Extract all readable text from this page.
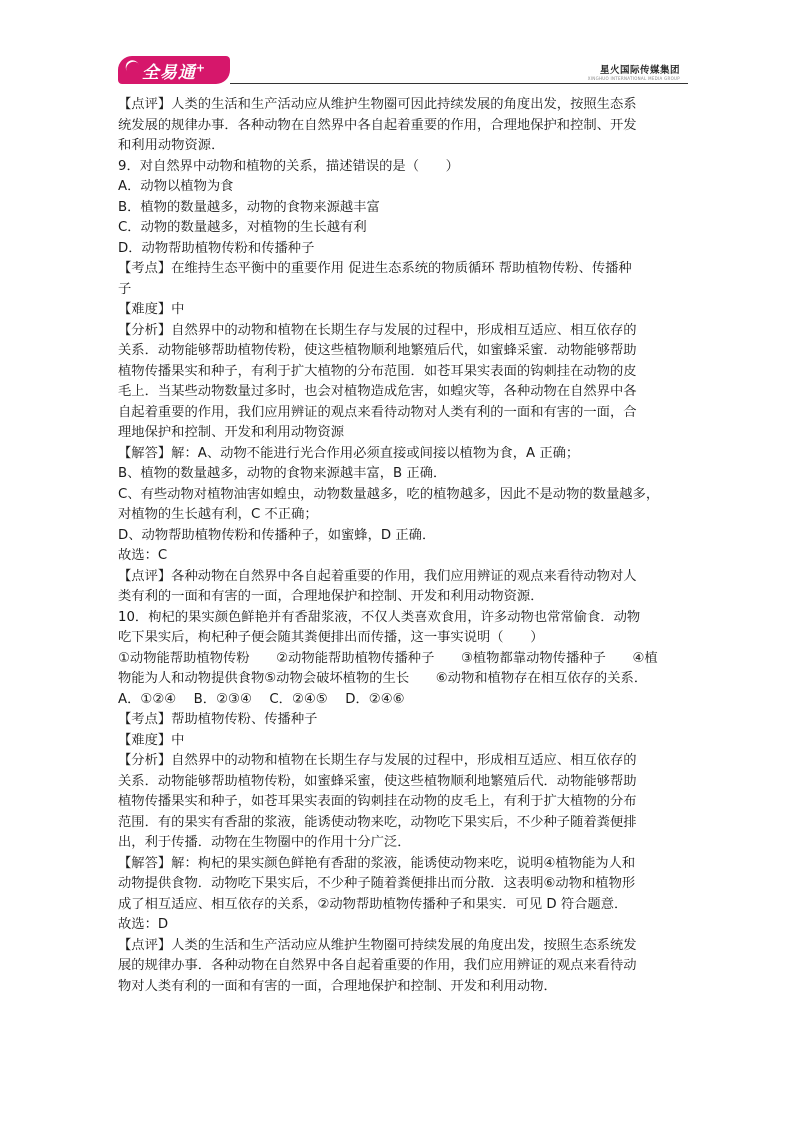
全易通+	星火国际传媒集团
XINGHUO INTERNATIONAL MEDIA GROUP

【点评】人类的生活和生产活动应从维护生物圈可因此持续发展的角度出发，按照生态系

统发展的规律办事．各种动物在自然界中各自起着重要的作用，合理地保护和控制、开发

和利用动物资源．

9．对自然界中动物和植物的关系，描述错误的是（　　）

A．动物以植物为食

B．植物的数量越多，动物的食物来源越丰富

C．动物的数量越多，对植物的生长越有利

D．动物帮助植物传粉和传播种子

【考点】在维持生态平衡中的重要作用 促进生态系统的物质循环 帮助植物传粉、传播种

子

【难度】中

【分析】自然界中的动物和植物在长期生存与发展的过程中，形成相互适应、相互依存的

关系．动物能够帮助植物传粉，使这些植物顺利地繁殖后代，如蜜蜂采蜜．动物能够帮助

植物传播果实和种子，有利于扩大植物的分布范围．如苍耳果实表面的钩刺挂在动物的皮

毛上．当某些动物数量过多时，也会对植物造成危害，如蝗灾等，各种动物在自然界中各

自起着重要的作用，我们应用辨证的观点来看待动物对人类有利的一面和有害的一面，合

理地保护和控制、开发和利用动物资源

【解答】解：A、动物不能进行光合作用必须直接或间接以植物为食，A 正确；

B、植物的数量越多，动物的食物来源越丰富，B 正确．

C、有些动物对植物油害如蝗虫，动物数量越多，吃的植物越多，因此不是动物的数量越多，

对植物的生长越有利，C 不正确；

D、动物帮助植物传粉和传播种子，如蜜蜂，D 正确．

故选：C

【点评】各种动物在自然界中各自起着重要的作用，我们应用辨证的观点来看待动物对人

类有利的一面和有害的一面，合理地保护和控制、开发和利用动物资源．

10．枸杞的果实颜色鲜艳并有香甜浆液，不仅人类喜欢食用，许多动物也常常偷食．动物

吃下果实后，枸杞种子便会随其粪便排出而传播，这一事实说明（　　）

①动物能帮助植物传粉　　②动物能帮助植物传播种子　　③植物都靠动物传播种子　　④植

物能为人和动物提供食物⑤动物会破坏植物的生长　　⑥动物和植物存在相互依存的关系．

A．①②④　 B．②③④　 C．②④⑤　 D．②④⑥

【考点】帮助植物传粉、传播种子

【难度】中

【分析】自然界中的动物和植物在长期生存与发展的过程中，形成相互适应、相互依存的

关系．动物能够帮助植物传粉，如蜜蜂采蜜，使这些植物顺利地繁殖后代．动物能够帮助

植物传播果实和种子，如苍耳果实表面的钩刺挂在动物的皮毛上，有利于扩大植物的分布

范围．有的果实有香甜的浆液，能诱使动物来吃，动物吃下果实后，不少种子随着粪便排

出，利于传播．动物在生物圈中的作用十分广泛．

【解答】解：枸杞的果实颜色鲜艳有香甜的浆液，能诱使动物来吃，说明④植物能为人和

动物提供食物．动物吃下果实后，不少种子随着粪便排出而分散．这表明⑥动物和植物形

成了相互适应、相互依存的关系，②动物帮助植物传播种子和果实．可见 D 符合题意．

故选：D

【点评】人类的生活和生产活动应从维护生物圈可持续发展的角度出发，按照生态系统发

展的规律办事．各种动物在自然界中各自起着重要的作用，我们应用辨证的观点来看待动

物对人类有利的一面和有害的一面，合理地保护和控制、开发和利用动物．
